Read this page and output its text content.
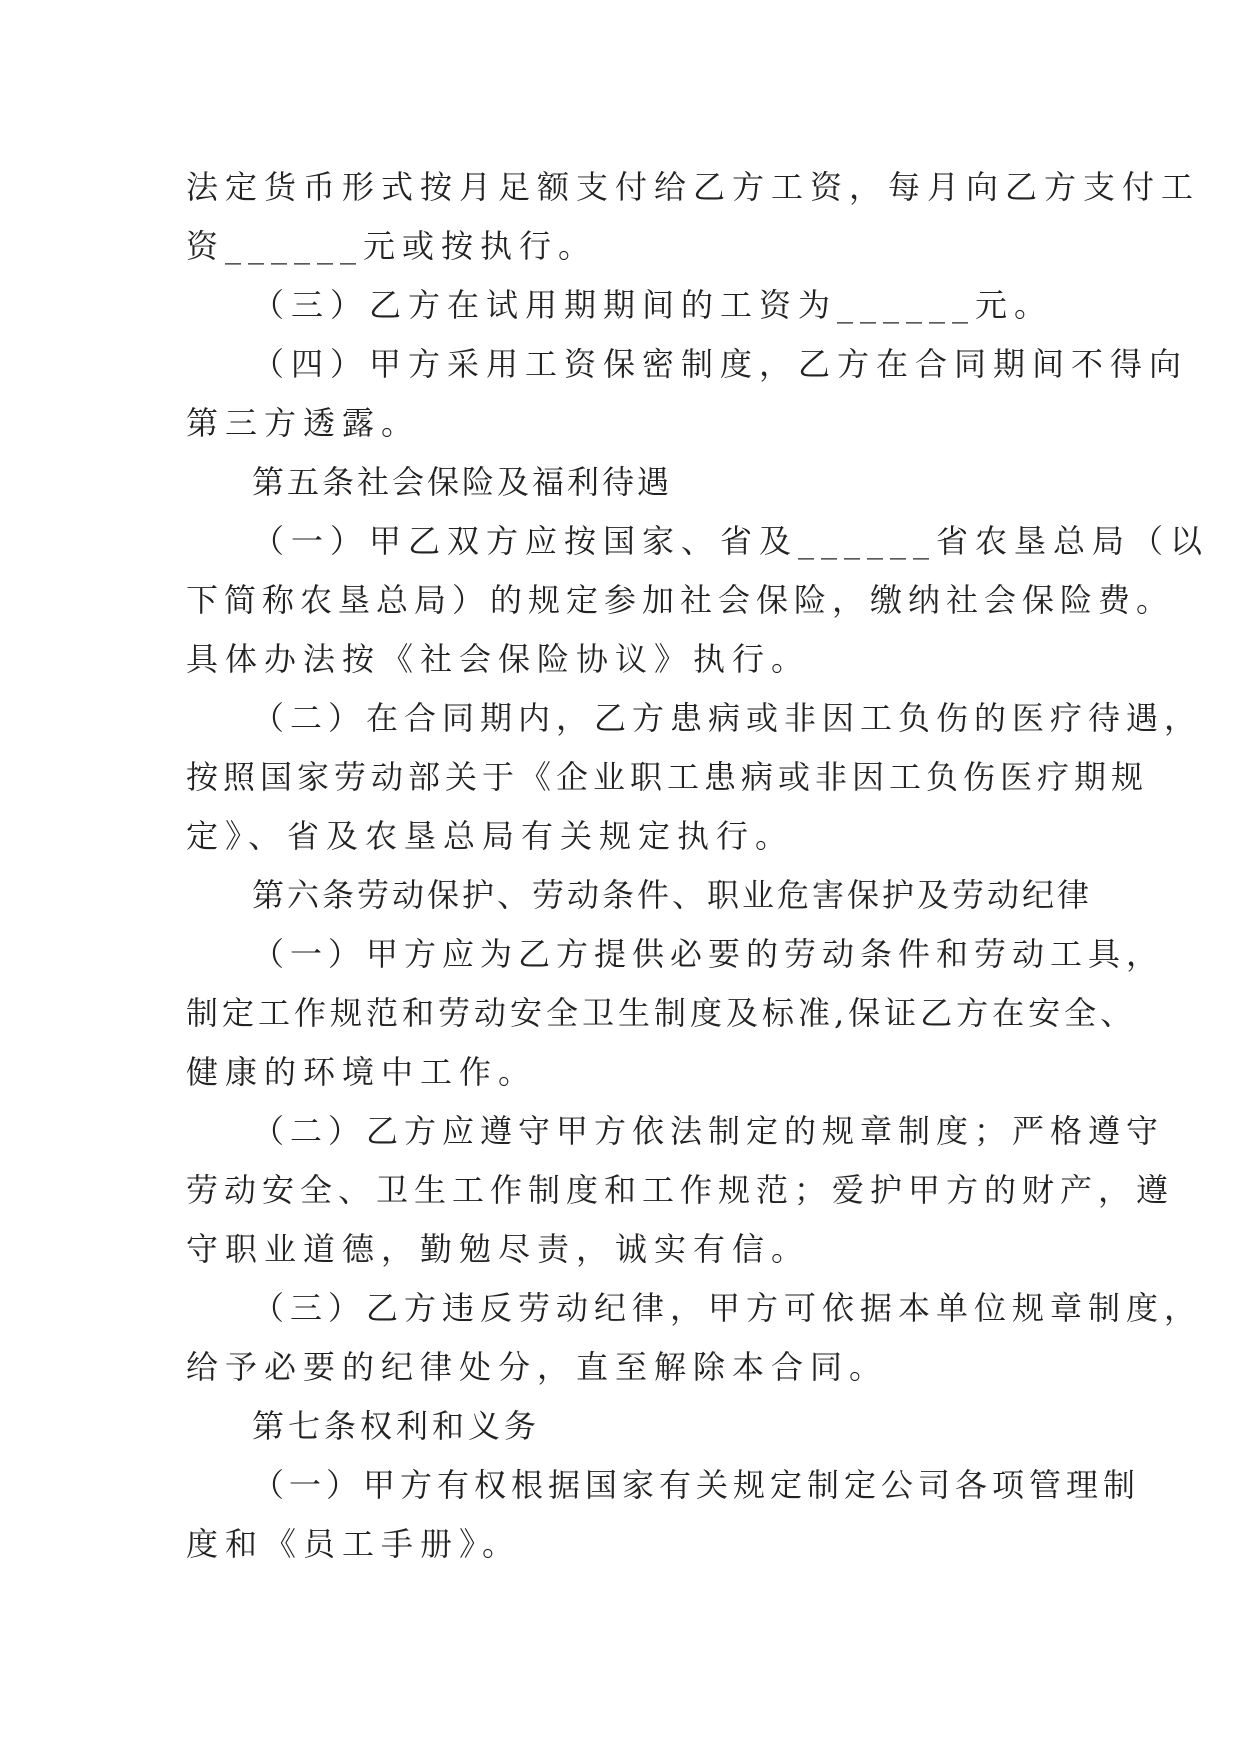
法定货币形式按月足额支付给乙方工资，每月向乙方支付工
资______元或按执行。
（三）乙方在试用期期间的工资为______元。
（四）甲方采用工资保密制度，乙方在合同期间不得向
第三方透露。
第五条社会保险及福利待遇
（一）甲乙双方应按国家、省及______省农垦总局（以
下简称农垦总局）的规定参加社会保险，缴纳社会保险费。
具体办法按《社会保险协议》执行。
（二）在合同期内，乙方患病或非因工负伤的医疗待遇，
按照国家劳动部关于《企业职工患病或非因工负伤医疗期规
定》、省及农垦总局有关规定执行。
第六条劳动保护、劳动条件、职业危害保护及劳动纪律
（一）甲方应为乙方提供必要的劳动条件和劳动工具，
制定工作规范和劳动安全卫生制度及标准,保证乙方在安全、
健康的环境中工作。
（二）乙方应遵守甲方依法制定的规章制度；严格遵守
劳动安全、卫生工作制度和工作规范；爱护甲方的财产，遵
守职业道德，勤勉尽责，诚实有信。
（三）乙方违反劳动纪律，甲方可依据本单位规章制度，
给予必要的纪律处分，直至解除本合同。
第七条权利和义务
（一）甲方有权根据国家有关规定制定公司各项管理制
度和《员工手册》。
